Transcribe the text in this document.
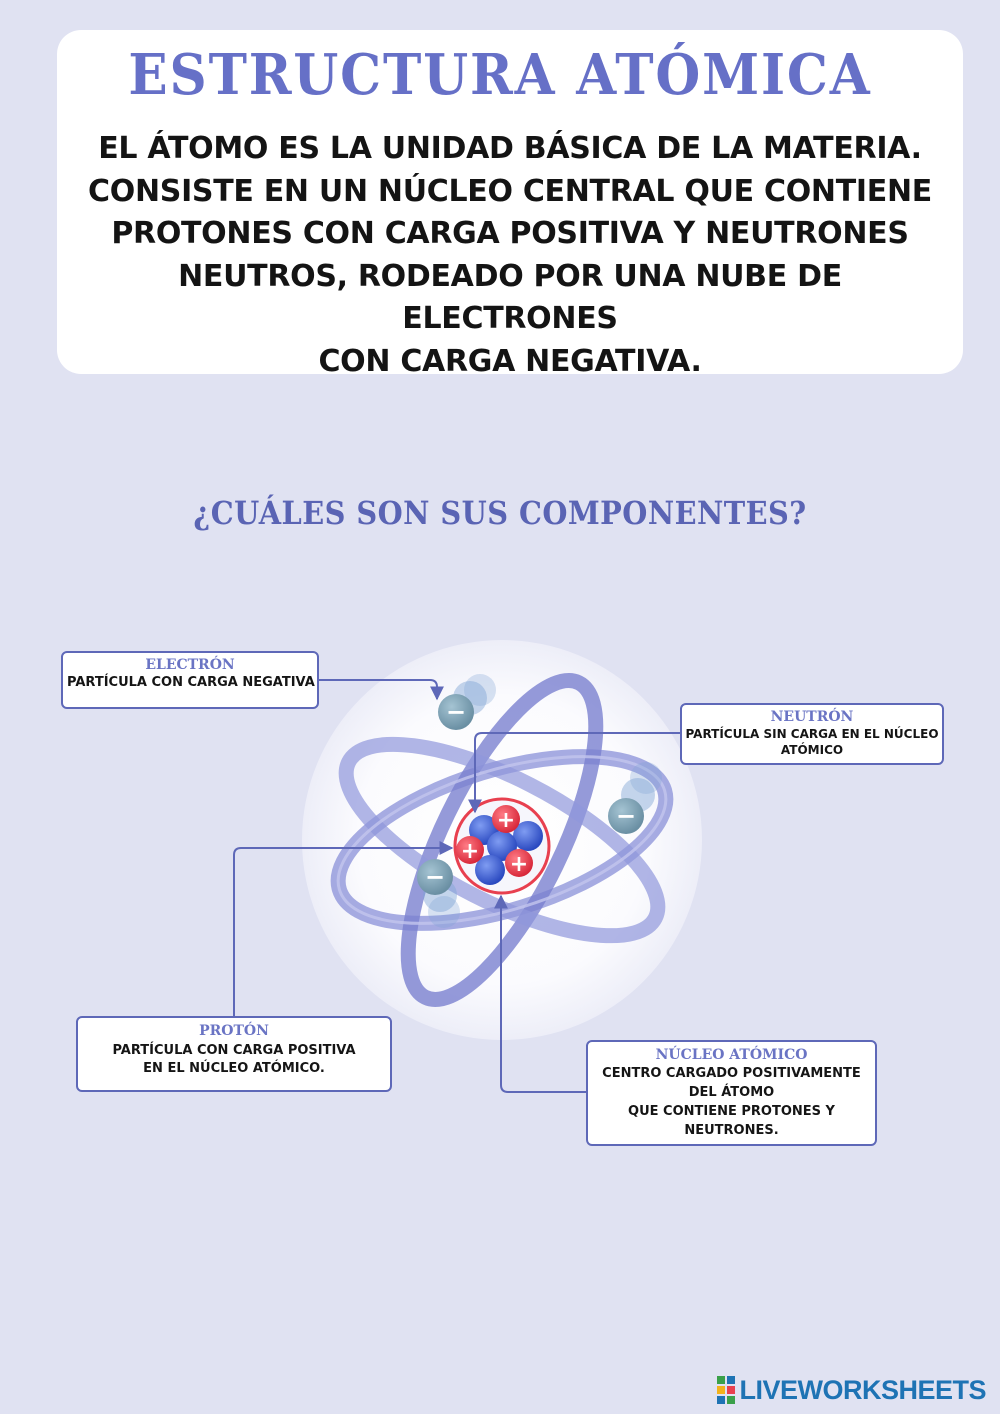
ESTRUCTURA ATÓMICA
EL ÁTOMO ES LA UNIDAD BÁSICA DE LA MATERIA.
CONSISTE EN UN NÚCLEO CENTRAL QUE CONTIENE
PROTONES CON CARGA POSITIVA Y NEUTRONES
NEUTROS, RODEADO POR UNA NUBE DE ELECTRONES
CON CARGA NEGATIVA.
¿CUÁLES SON SUS COMPONENTES?
+
+
+
−
−
−
ELECTRÓN
PARTÍCULA CON CARGA NEGATIVA
NEUTRÓN
PARTÍCULA SIN CARGA EN EL NÚCLEO
ATÓMICO
PROTÓN
PARTÍCULA CON CARGA POSITIVA
EN EL NÚCLEO ATÓMICO.
NÚCLEO ATÓMICO
CENTRO CARGADO POSITIVAMENTE
DEL ÁTOMO
QUE CONTIENE PROTONES Y
NEUTRONES.
LIVEWORKSHEETS
